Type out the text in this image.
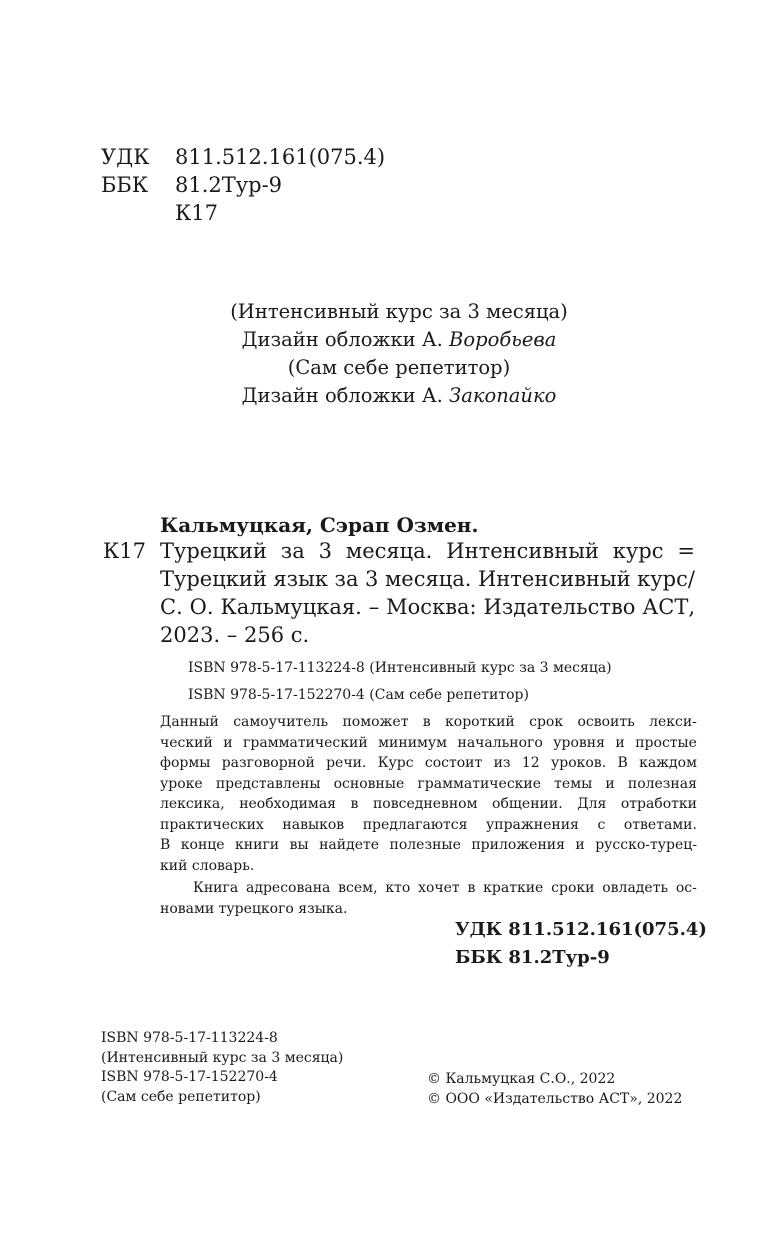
УДК	811.512.161(075.4)
ББК	81.2Тур-9
К17
(Интенсивный курс за 3 месяца)
Дизайн обложки А. Воробьева
(Сам себе репетитор)
Дизайн обложки А. Закопайко
Кальмуцкая, Сэрап Озмен.
К17 Турецкий за 3 месяца. Интенсивный курс =
Турецкий язык за 3 месяца. Интенсивный курс/
С. О. Кальмуцкая. – Москва: Издательство АСТ,
2023. – 256 с.
ISBN 978-5-17-113224-8 (Интенсивный курс за 3 месяца)
ISBN 978-5-17-152270-4 (Сам себе репетитор)
Данный самоучитель поможет в короткий срок освоить лекси-
ческий и грамматический минимум начального уровня и простые
формы разговорной речи. Курс состоит из 12 уроков. В каждом
уроке представлены основные грамматические темы и полезная
лексика, необходимая в повседневном общении. Для отработки
практических навыков предлагаются упражнения с ответами.
В конце книги вы найдете полезные приложения и русско-турец-
кий словарь.
Книга адресована всем, кто хочет в краткие сроки овладеть ос-
новами турецкого языка.
УДК 811.512.161(075.4)
ББК 81.2Тур-9
ISBN 978-5-17-113224-8
(Интенсивный курс за 3 месяца)
ISBN 978-5-17-152270-4
(Сам себе репетитор)
© Кальмуцкая С.О., 2022
© ООО «Издательство АСТ», 2022
